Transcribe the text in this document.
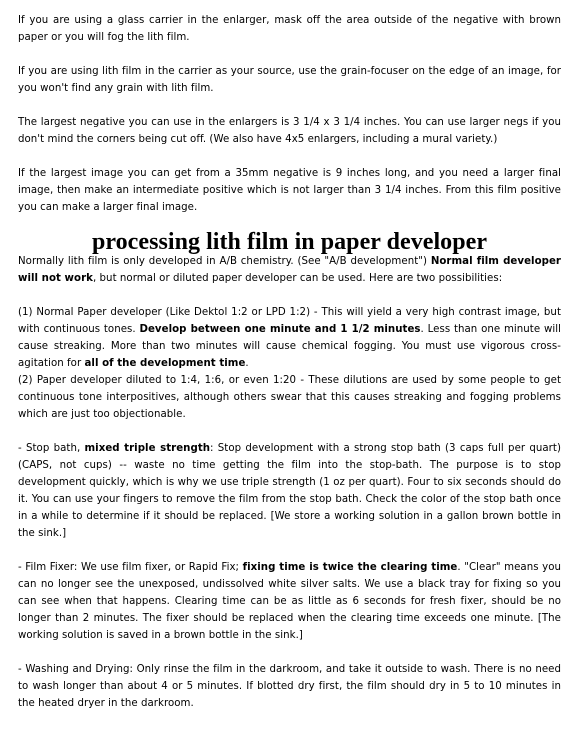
If you are using a glass carrier in the enlarger, mask off the area outside of the negative with brown paper or you will fog the lith film.

If you are using lith film in the carrier as your source, use the grain-focuser on the edge of an image, for you won't find any grain with lith film.

The largest negative you can use in the enlargers is 3 1/4 x 3 1/4 inches. You can use larger negs if you don't mind the corners being cut off. (We also have 4x5 enlargers, including a mural variety.)

If the largest image you can get from a 35mm negative is 9 inches long, and you need a larger final image, then make an intermediate positive which is not larger than 3 1/4 inches. From this film positive you can make a larger final image.

processing lith film in paper developer

Normally lith film is only developed in A/B chemistry. (See "A/B development") Normal film developer will not work, but normal or diluted paper developer can be used. Here are two possibilities:

(1) Normal Paper developer (Like Dektol 1:2 or LPD 1:2) - This will yield a very high contrast image, but with continuous tones. Develop between one minute and 1 1/2 minutes. Less than one minute will cause streaking. More than two minutes will cause chemical fogging. You must use vigorous cross-agitation for all of the development time.

(2) Paper developer diluted to 1:4, 1:6, or even 1:20 - These dilutions are used by some people to get continuous tone interpositives, although others swear that this causes streaking and fogging problems which are just too objectionable.

- Stop bath, mixed triple strength: Stop development with a strong stop bath (3 caps full per quart) (CAPS, not cups) -- waste no time getting the film into the stop-bath. The purpose is to stop development quickly, which is why we use triple strength (1 oz per quart). Four to six seconds should do it. You can use your fingers to remove the film from the stop bath. Check the color of the stop bath once in a while to determine if it should be replaced. [We store a working solution in a gallon brown bottle in the sink.]

- Film Fixer: We use film fixer, or Rapid Fix; fixing time is twice the clearing time. "Clear" means you can no longer see the unexposed, undissolved white silver salts. We use a black tray for fixing so you can see when that happens. Clearing time can be as little as 6 seconds for fresh fixer, should be no longer than 2 minutes. The fixer should be replaced when the clearing time exceeds one minute. [The working solution is saved in a brown bottle in the sink.]

- Washing and Drying: Only rinse the film in the darkroom, and take it outside to wash. There is no need to wash longer than about 4 or 5 minutes. If blotted dry first, the film should dry in 5 to 10 minutes in the heated dryer in the darkroom.
